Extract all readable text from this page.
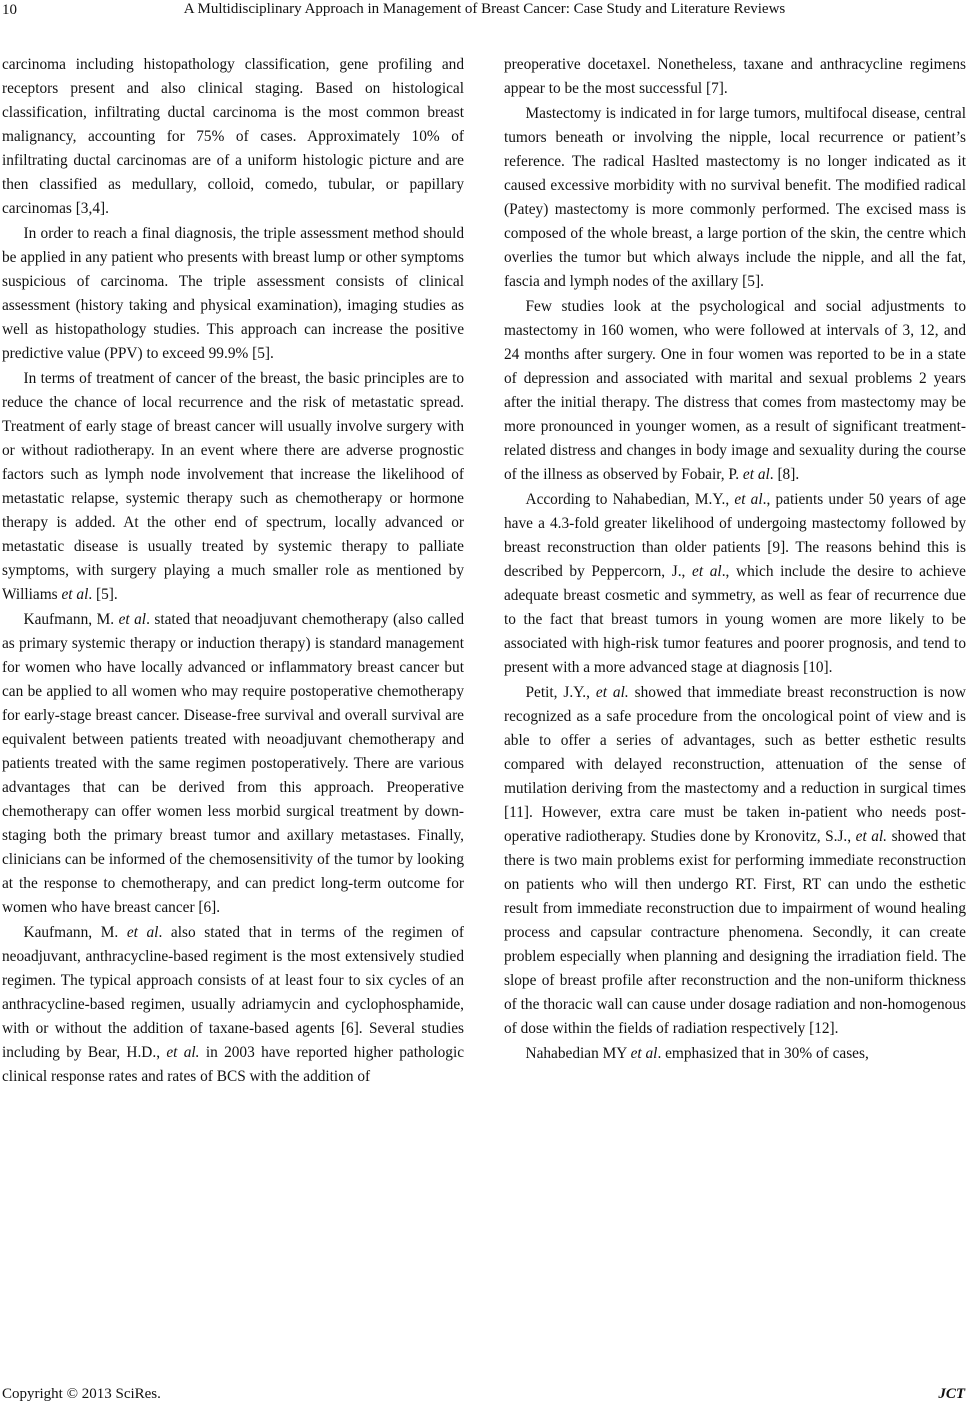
10	A Multidisciplinary Approach in Management of Breast Cancer: Case Study and Literature Reviews

carcinoma including histopathology classification, gene profiling and receptors present and also clinical staging. Based on histological classification, infiltrating ductal carcinoma is the most common breast malignancy, accounting for 75% of cases. Approximately 10% of infiltrating ductal carcinomas are of a uniform histologic picture and are then classified as medullary, colloid, comedo, tubular, or papillary carcinomas [3,4].

In order to reach a final diagnosis, the triple assessment method should be applied in any patient who presents with breast lump or other symptoms suspicious of carcinoma. The triple assessment consists of clinical assessment (history taking and physical examination), imaging studies as well as histopathology studies. This approach can increase the positive predictive value (PPV) to exceed 99.9% [5].

In terms of treatment of cancer of the breast, the basic principles are to reduce the chance of local recurrence and the risk of metastatic spread. Treatment of early stage of breast cancer will usually involve surgery with or without radiotherapy. In an event where there are adverse prognostic factors such as lymph node involvement that increase the likelihood of metastatic relapse, systemic therapy such as chemotherapy or hormone therapy is added. At the other end of spectrum, locally advanced or metastatic disease is usually treated by systemic therapy to palliate symptoms, with surgery playing a much smaller role as mentioned by Williams et al. [5].

Kaufmann, M. et al. stated that neoadjuvant chemotherapy (also called as primary systemic therapy or induction therapy) is standard management for women who have locally advanced or inflammatory breast cancer but can be applied to all women who may require postoperative chemotherapy for early-stage breast cancer. Disease-free survival and overall survival are equivalent between patients treated with neoadjuvant chemotherapy and patients treated with the same regimen postoperatively. There are various advantages that can be derived from this approach. Preoperative chemotherapy can offer women less morbid surgical treatment by down-staging both the primary breast tumor and axillary metastases. Finally, clinicians can be informed of the chemosensitivity of the tumor by looking at the response to chemotherapy, and can predict long-term outcome for women who have breast cancer [6].

Kaufmann, M. et al. also stated that in terms of the regimen of neoadjuvant, anthracycline-based regiment is the most extensively studied regimen. The typical approach consists of at least four to six cycles of an anthracycline-based regimen, usually adriamycin and cyclophosphamide, with or without the addition of taxane-based agents [6]. Several studies including by Bear, H.D., et al. in 2003 have reported higher pathologic clinical response rates and rates of BCS with the addition of

preoperative docetaxel. Nonetheless, taxane and anthracycline regimens appear to be the most successful [7].

Mastectomy is indicated in for large tumors, multifocal disease, central tumors beneath or involving the nipple, local recurrence or patient’s reference. The radical Haslted mastectomy is no longer indicated as it caused excessive morbidity with no survival benefit. The modified radical (Patey) mastectomy is more commonly performed. The excised mass is composed of the whole breast, a large portion of the skin, the centre which overlies the tumor but which always include the nipple, and all the fat, fascia and lymph nodes of the axillary [5].

Few studies look at the psychological and social adjustments to mastectomy in 160 women, who were followed at intervals of 3, 12, and 24 months after surgery. One in four women was reported to be in a state of depression and associated with marital and sexual problems 2 years after the initial therapy. The distress that comes from mastectomy may be more pronounced in younger women, as a result of significant treatment-related distress and changes in body image and sexuality during the course of the illness as observed by Fobair, P. et al. [8].

According to Nahabedian, M.Y., et al., patients under 50 years of age have a 4.3-fold greater likelihood of undergoing mastectomy followed by breast reconstruction than older patients [9]. The reasons behind this is described by Peppercorn, J., et al., which include the desire to achieve adequate breast cosmetic and symmetry, as well as fear of recurrence due to the fact that breast tumors in young women are more likely to be associated with high-risk tumor features and poorer prognosis, and tend to present with a more advanced stage at diagnosis [10].

Petit, J.Y., et al. showed that immediate breast reconstruction is now recognized as a safe procedure from the oncological point of view and is able to offer a series of advantages, such as better esthetic results compared with delayed reconstruction, attenuation of the sense of mutilation deriving from the mastectomy and a reduction in surgical times [11]. However, extra care must be taken in-patient who needs post-operative radiotherapy. Studies done by Kronovitz, S.J., et al. showed that there is two main problems exist for performing immediate reconstruction on patients who will then undergo RT. First, RT can undo the esthetic result from immediate reconstruction due to impairment of wound healing process and capsular contracture phenomena. Secondly, it can create problem especially when planning and designing the irradiation field. The slope of breast profile after reconstruction and the non-uniform thickness of the thoracic wall can cause under dosage radiation and non-homogenous of dose within the fields of radiation respectively [12].

Nahabedian MY et al. emphasized that in 30% of cases,

Copyright © 2013 SciRes.	JCT
